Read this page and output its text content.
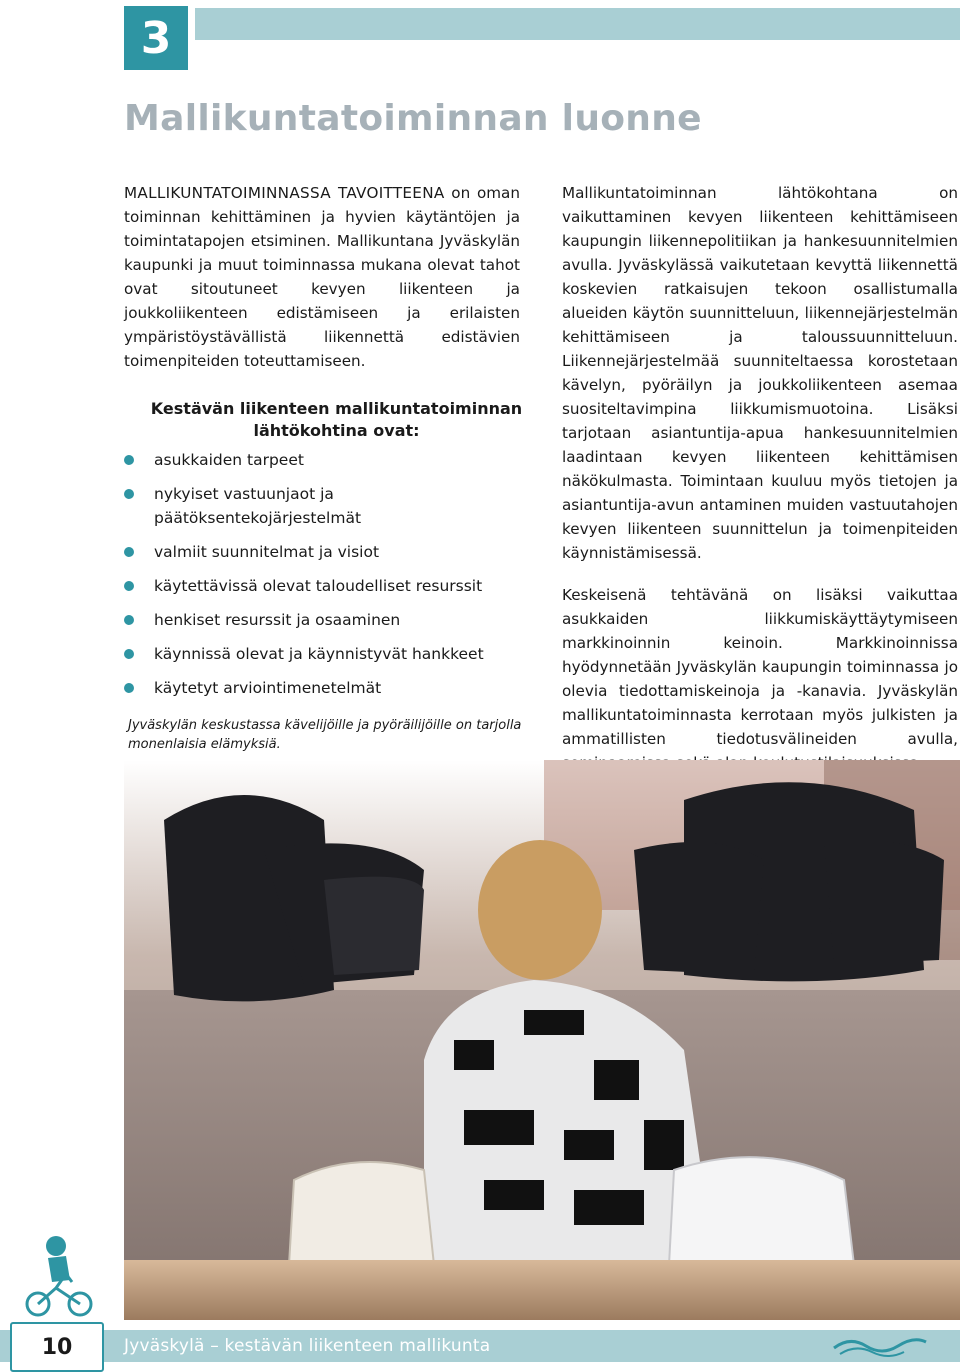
3
Mallikuntatoiminnan luonne

MALLIKUNTATOIMINNASSA TAVOITTEENA on oman toiminnan kehittäminen ja hyvien käytäntöjen ja toimintatapojen etsiminen. Mallikuntana Jyväskylän kaupunki ja muut toiminnassa mukana olevat tahot ovat sitoutuneet kevyen liikenteen ja joukkoliikenteen edistämiseen ja erilaisten ympäristöystävällistä liikennettä edistävien toimenpiteiden toteuttamiseen.

Kestävän liikenteen mallikuntatoiminnan lähtökohtina ovat:
asukkaiden tarpeet
nykyiset vastuunjaot ja päätöksentekojärjestelmät
valmiit suunnitelmat ja visiot
käytettävissä olevat taloudelliset resurssit
henkiset resurssit ja osaaminen
käynnissä olevat ja käynnistyvät hankkeet
käytetyt arviointimenetelmät

Jyväskylän keskustassa kävelijöille ja pyöräilijöille on tarjolla monenlaisia elämyksiä.

Mallikuntatoiminnan lähtökohtana on vaikuttaminen kevyen liikenteen kehittämiseen kaupungin liikennepolitiikan ja hankesuunnitelmien avulla. Jyväskylässä vaikutetaan kevyttä liikennettä koskevien ratkaisujen tekoon osallistumalla alueiden käytön suunnitteluun, liikennejärjestelmän kehittämiseen ja taloussuunnitteluun. Liikennejärjestelmää suunniteltaessa korostetaan kävelyn, pyöräilyn ja joukkoliikenteen asemaa suositeltavimpina liikkumismuotoina. Lisäksi tarjotaan asiantuntija-apua hankesuunnitelmien laadintaan kevyen liikenteen kehittämisen näkökulmasta. Toimintaan kuuluu myös tietojen ja asiantuntija-avun antaminen muiden vastuutahojen kevyen liikenteen suunnittelun ja toimenpiteiden käynnistämisessä.

Keskeisenä tehtävänä on lisäksi vaikuttaa asukkaiden liikkumiskäyttäytymiseen markkinoinnin keinoin. Markkinoinnissa hyödynnetään Jyväskylän kaupungin toiminnassa jo olevia tiedottamiskeinoja ja -kanavia. Jyväskylän mallikuntatoiminnasta kerrotaan myös julkisten ja ammatillisten tiedotusvälineiden avulla,

10	Jyväskylä – kestävän liikenteen mallikunta
